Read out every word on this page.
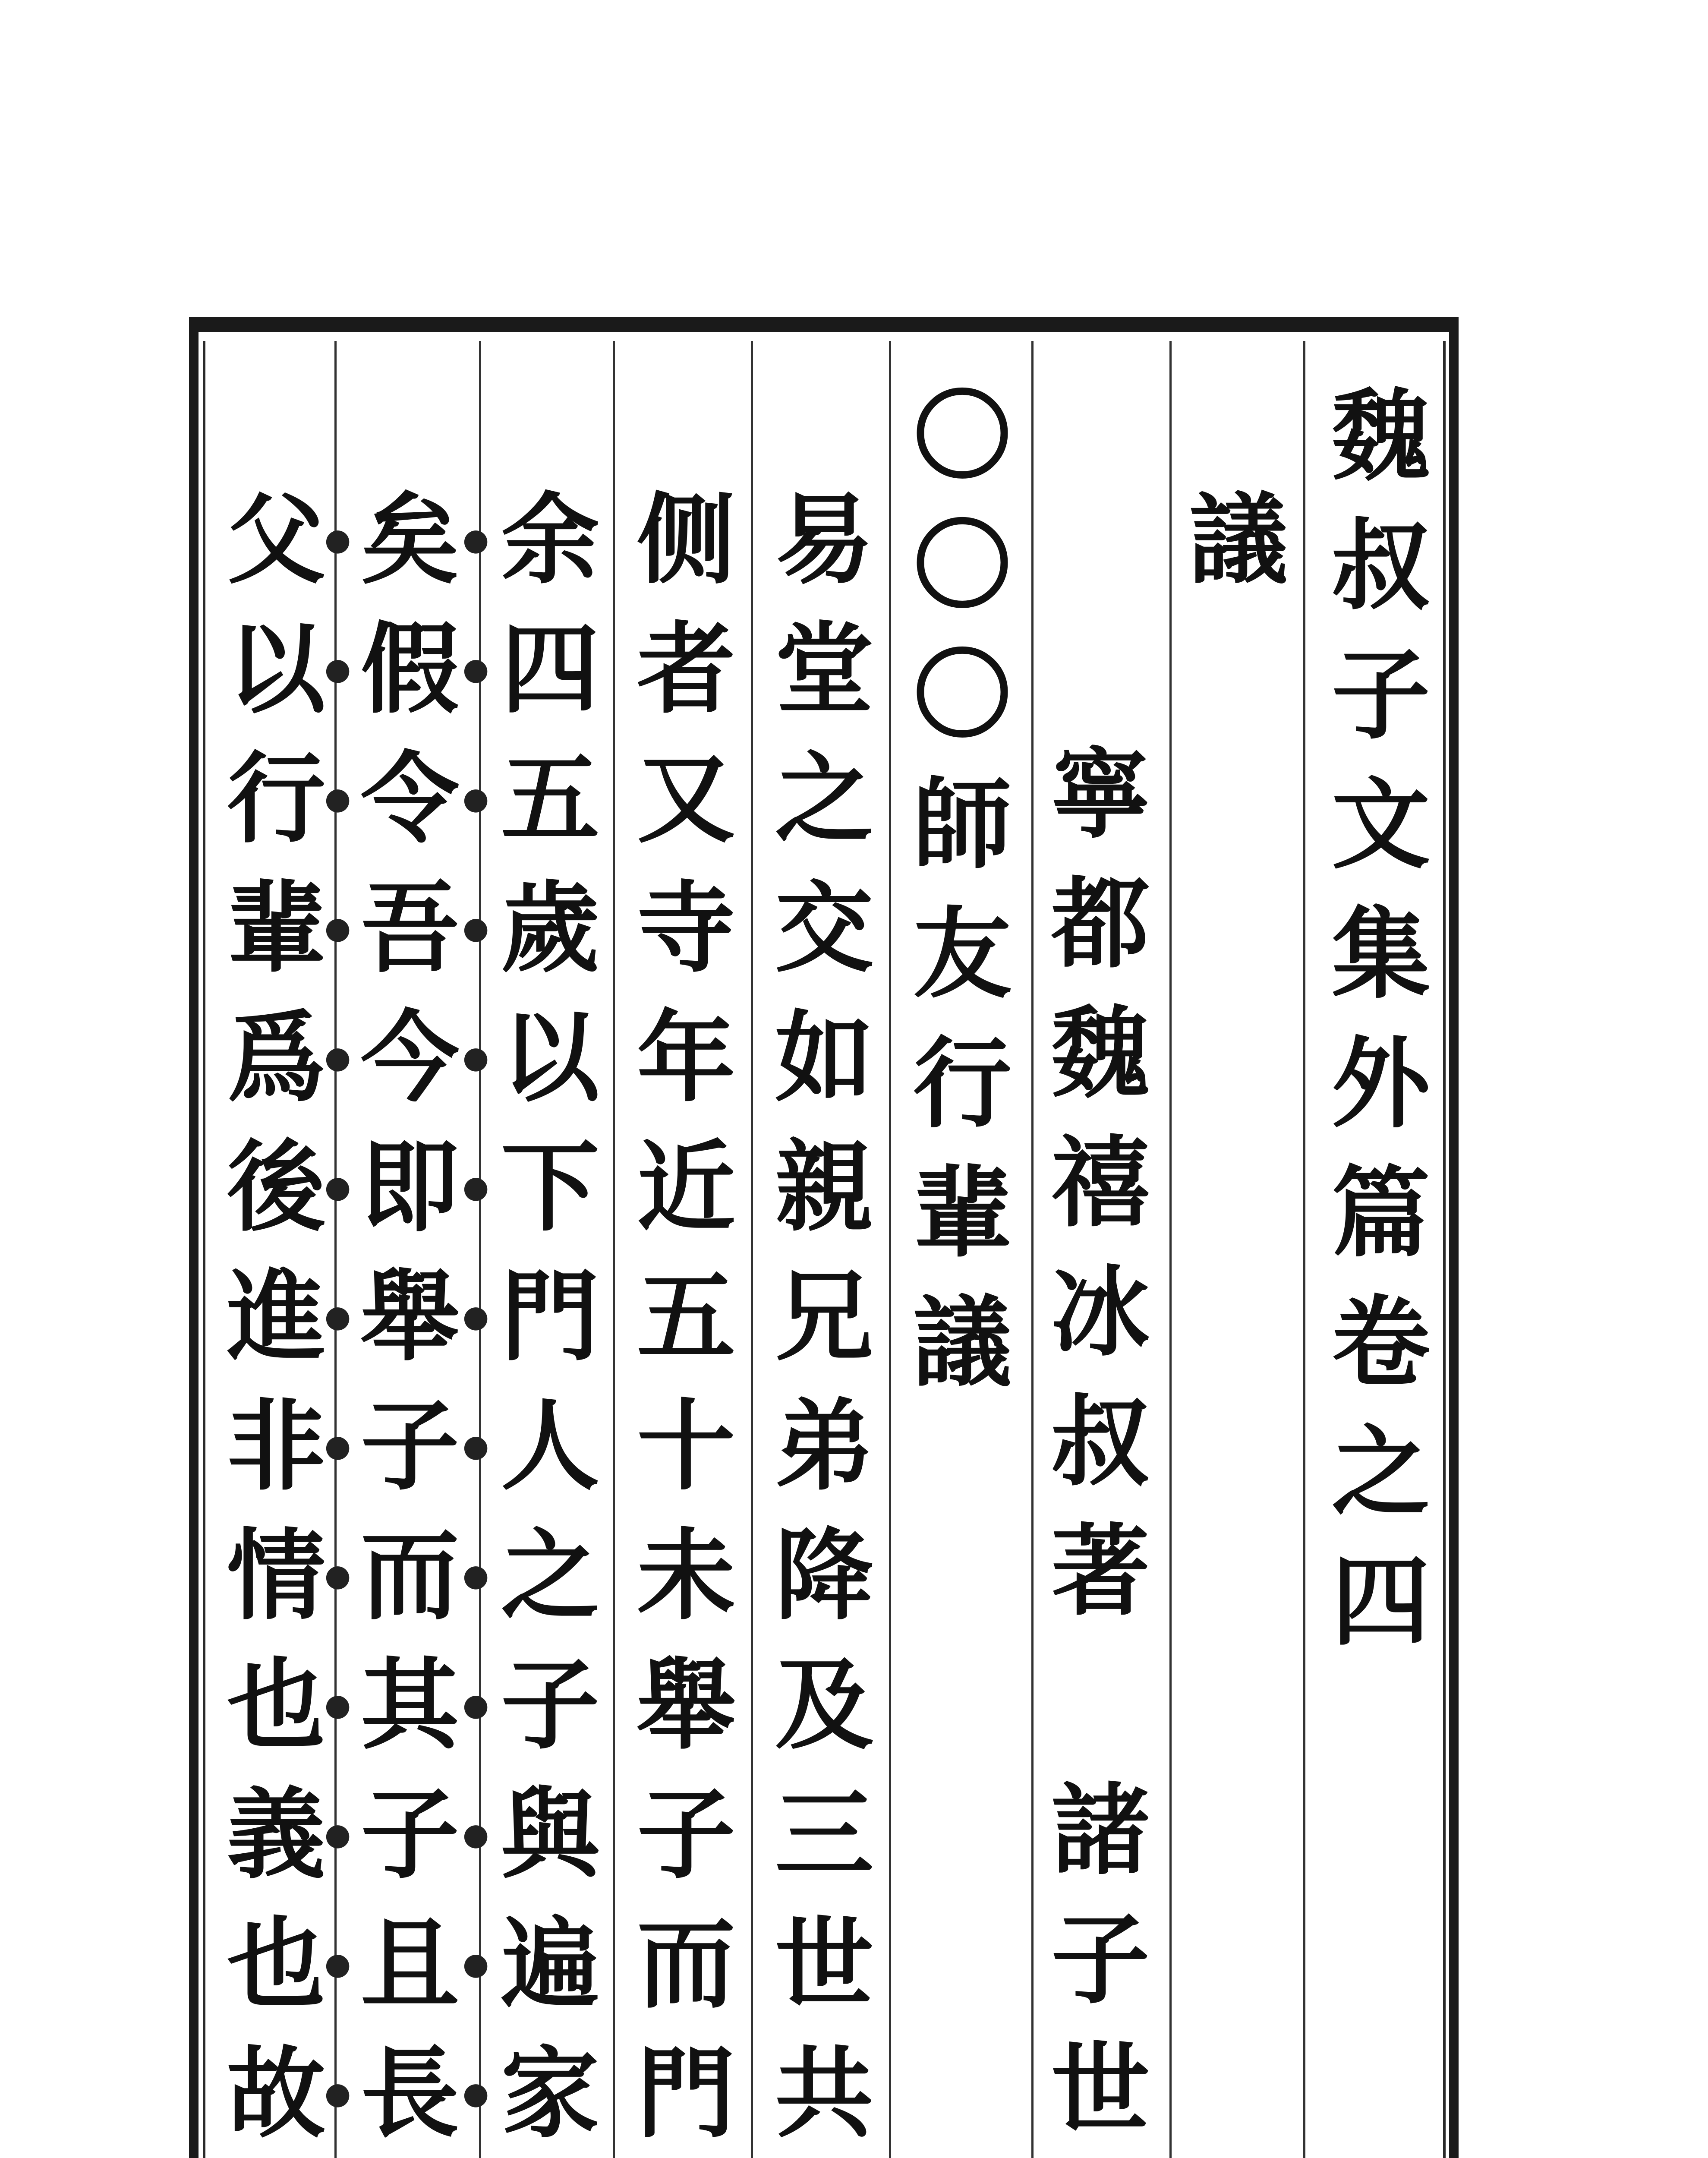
魏
叔
子
文
集
外
篇
卷
之
四
議
寧
都
魏
禧
冰
叔
著

諸
子
世
〇
〇
〇
師
友
行
輩
議
易
堂
之
交
如
親
兄
弟
降
及
三
世
共
侧
者
又
寺
年
近
五
十
未
舉
子
而
門
余
四
五
歲
以
下
門
人
之
子
與
遍
家
矣
假
令
吾
今
即
舉
子
而
其
子
且
長
父
以
行
輩
爲
後
進
非
情
也
義
也
故
●
●
●
●
●
●
●
●
●
●
●
●
●
●
●
●
●
●
●
●
●
●
●
●
●
●
